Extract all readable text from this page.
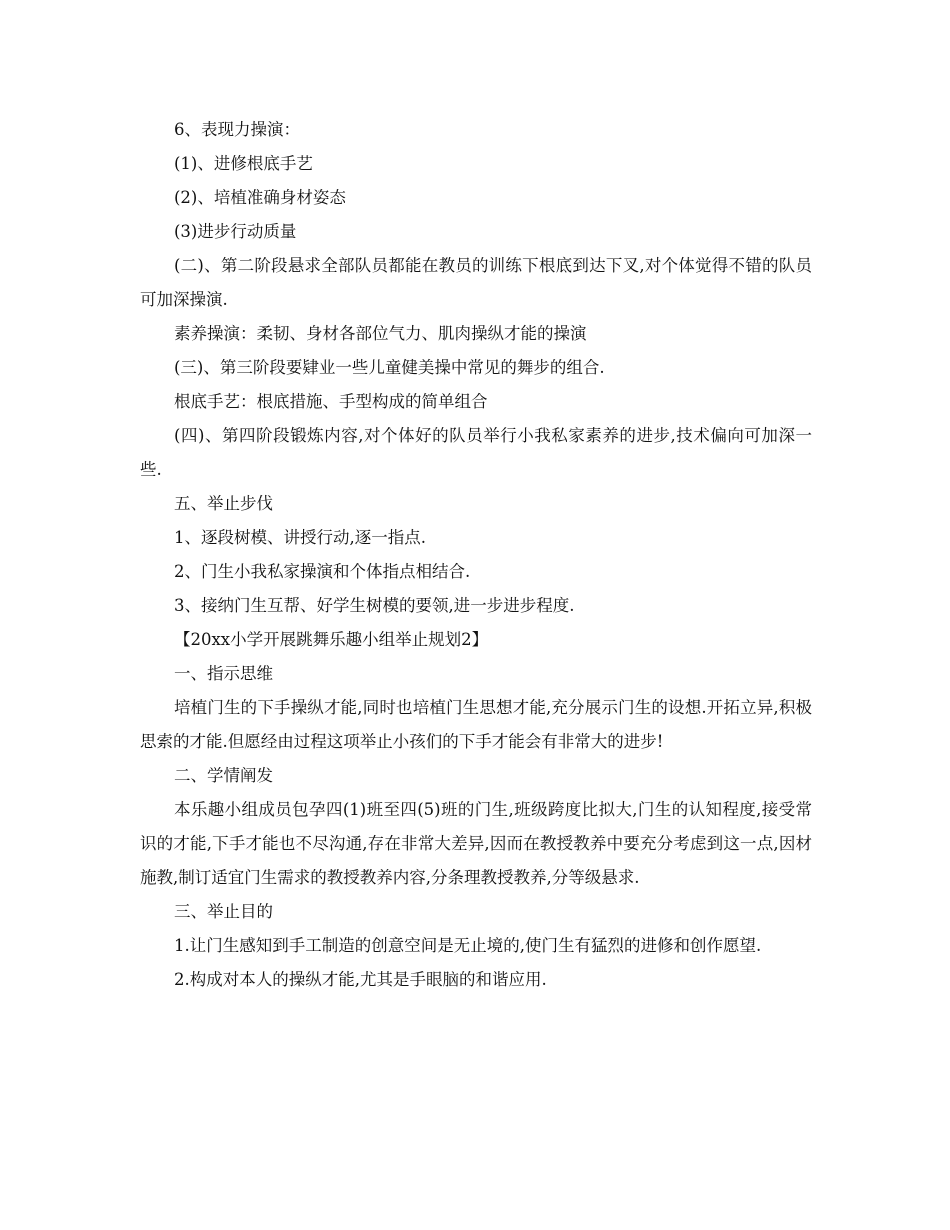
6、表现力操演：

(1)、进修根底手艺

(2)、培植准确身材姿态

(3)进步行动质量

(二)、第二阶段悬求全部队员都能在教员的训练下根底到达下叉,对个体觉得不错的队员可加深操演.

素养操演：柔韧、身材各部位气力、肌肉操纵才能的操演

(三)、第三阶段要肄业一些儿童健美操中常见的舞步的组合.

根底手艺：根底措施、手型构成的简单组合

(四)、第四阶段锻炼内容,对个体好的队员举行小我私家素养的进步,技术偏向可加深一些.

五、举止步伐

1、逐段树模、讲授行动,逐一指点.

2、门生小我私家操演和个体指点相结合.

3、接纳门生互帮、好学生树模的要领,进一步进步程度.

【20xx小学开展跳舞乐趣小组举止规划2】

一、指示思维

培植门生的下手操纵才能,同时也培植门生思想才能,充分展示门生的设想.开拓立异,积极思索的才能.但愿经由过程这项举止小孩们的下手才能会有非常大的进步!

二、学情阐发

本乐趣小组成员包孕四(1)班至四(5)班的门生,班级跨度比拟大,门生的认知程度,接受常识的才能,下手才能也不尽沟通,存在非常大差异,因而在教授教养中要充分考虑到这一点,因材施教,制订适宜门生需求的教授教养内容,分条理教授教养,分等级悬求.

三、举止目的

1.让门生感知到手工制造的创意空间是无止境的,使门生有猛烈的进修和创作愿望.

2.构成对本人的操纵才能,尤其是手眼脑的和谐应用.
